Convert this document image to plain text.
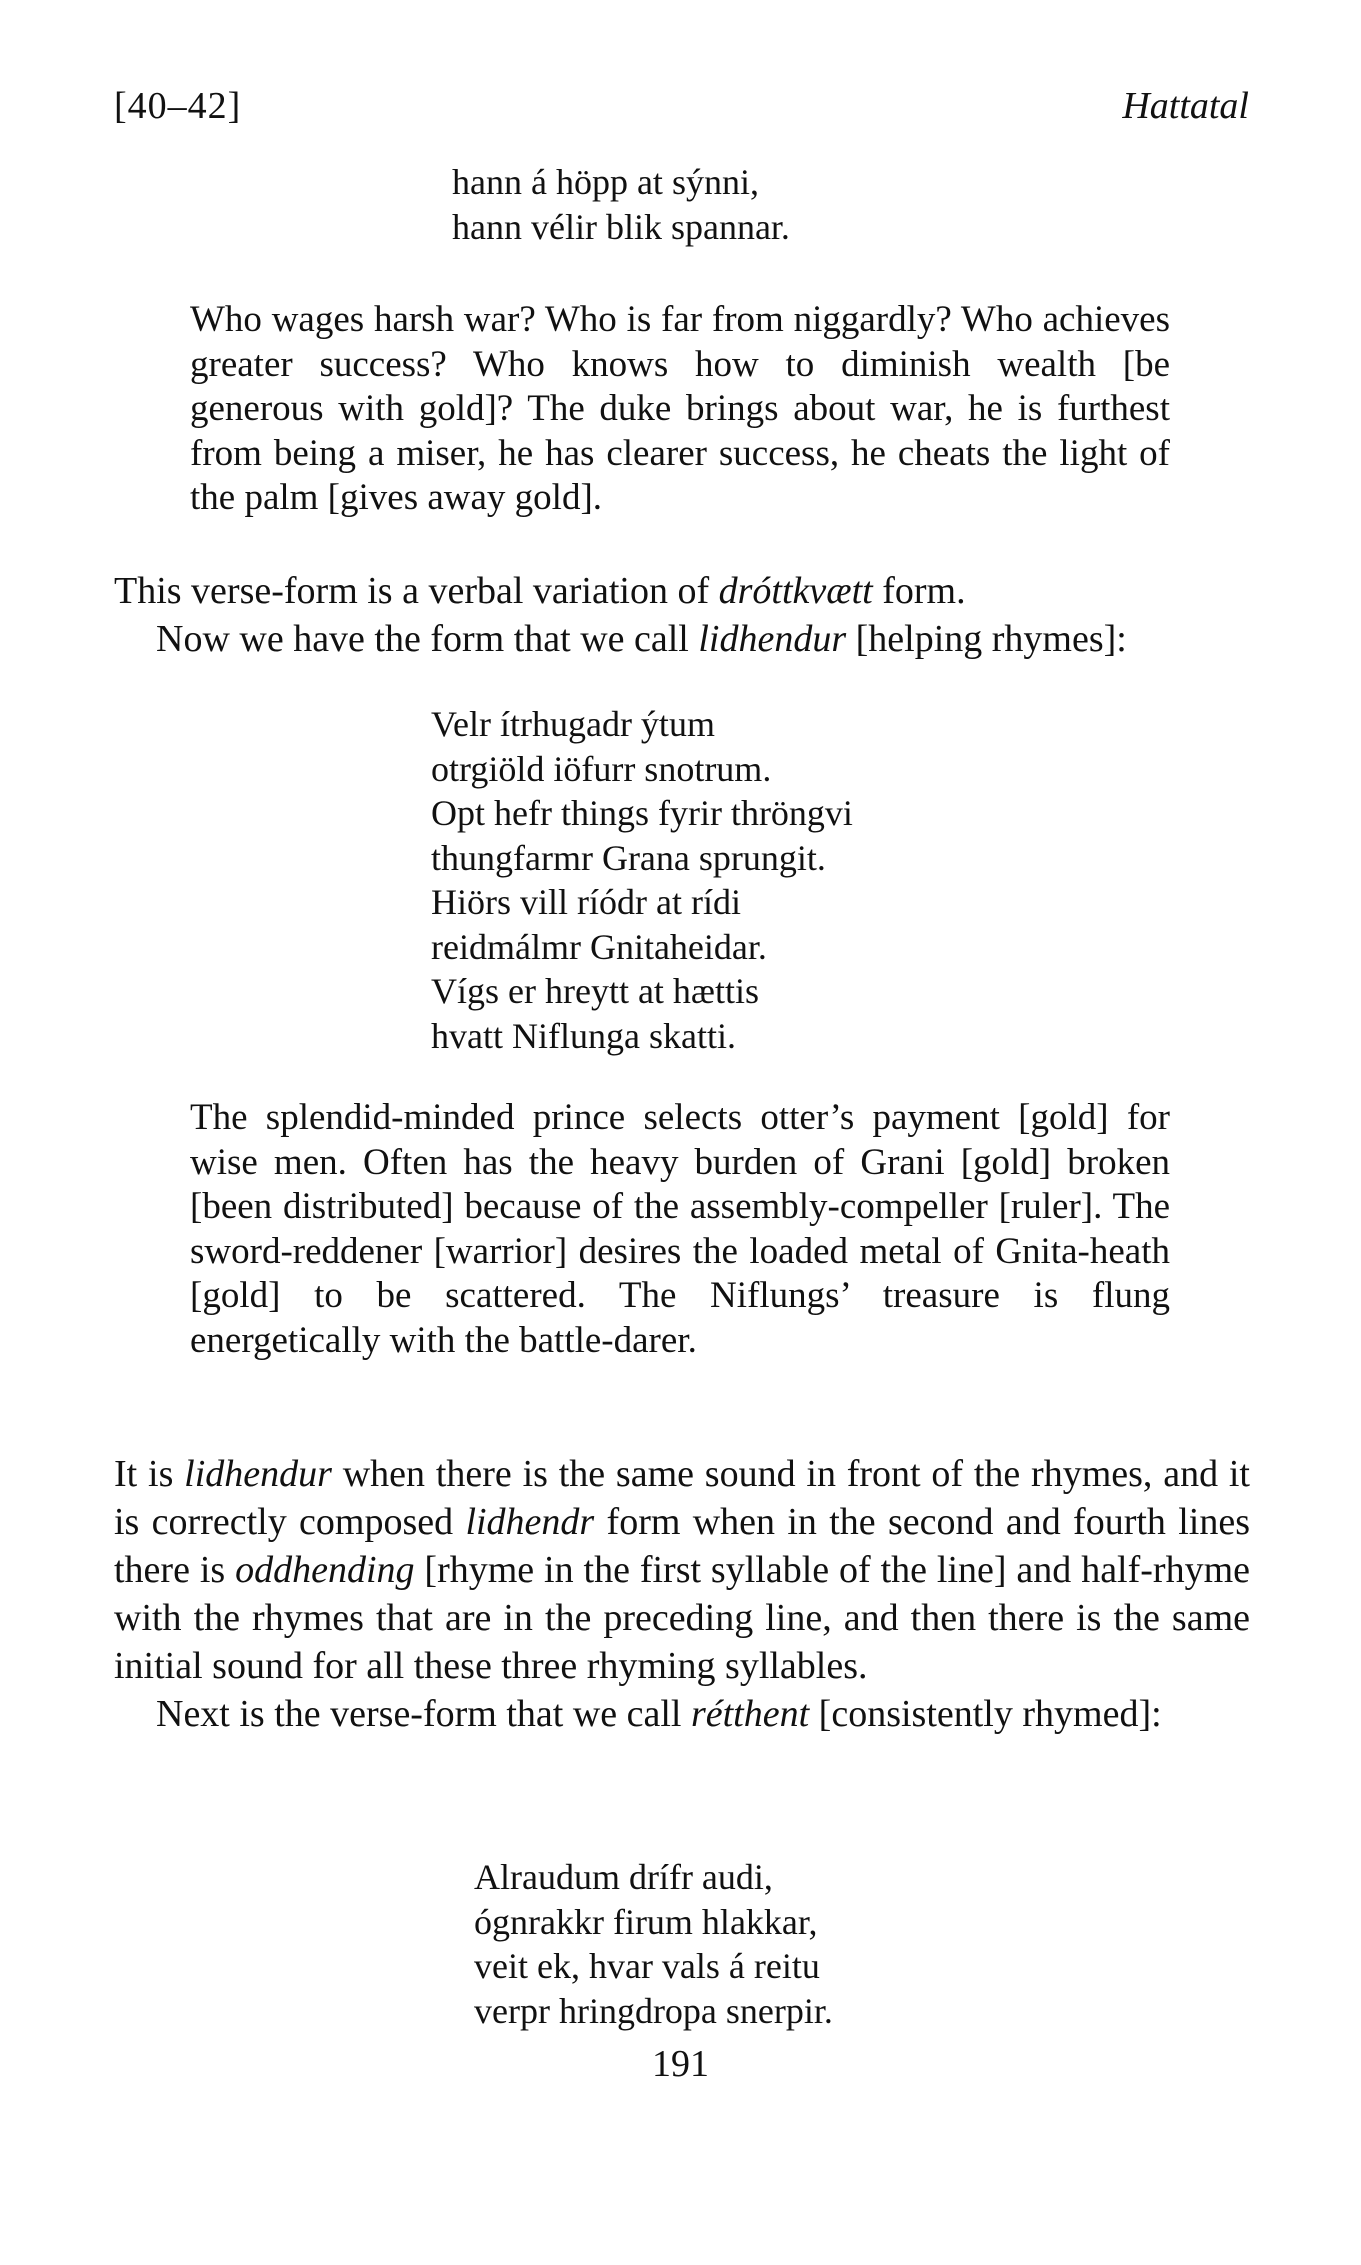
[40–42]	Hattatal
hann á höpp at sýnni,
hann vélir blik spannar.

Who wages harsh war? Who is far from niggardly? Who achieves greater success? Who knows how to diminish wealth [be generous with gold]? The duke brings about war, he is furthest from being a miser, he has clearer success, he cheats the light of the palm [gives away gold].

This verse-form is a verbal variation of dróttkvætt form.

Now we have the form that we call lidhendur [helping rhymes]:

Velr ítrhugadr ýtum
otrgiöld iöfurr snotrum.
Opt hefr things fyrir thröngvi
thungfarmr Grana sprungit.
Hiörs vill ríódr at rídi
reidmálmr Gnitaheidar.
Vígs er hreytt at hættis
hvatt Niflunga skatti.

The splendid-minded prince selects otter’s payment [gold] for wise men. Often has the heavy burden of Grani [gold] broken [been distributed] because of the assembly-compeller [ruler]. The sword-reddener [warrior] desires the loaded metal of Gnita-heath [gold] to be scattered. The Niflungs’ treasure is flung energetically with the battle-darer.

It is lidhendur when there is the same sound in front of the rhymes, and it is correctly composed lidhendr form when in the second and fourth lines there is oddhending [rhyme in the first syllable of the line] and half-rhyme with the rhymes that are in the preceding line, and then there is the same initial sound for all these three rhyming syllables.

Next is the verse-form that we call rétthent [consistently rhymed]:

Alraudum drífr audi,
ógnrakkr firum hlakkar,
veit ek, hvar vals á reitu
verpr hringdropa snerpir.
191
